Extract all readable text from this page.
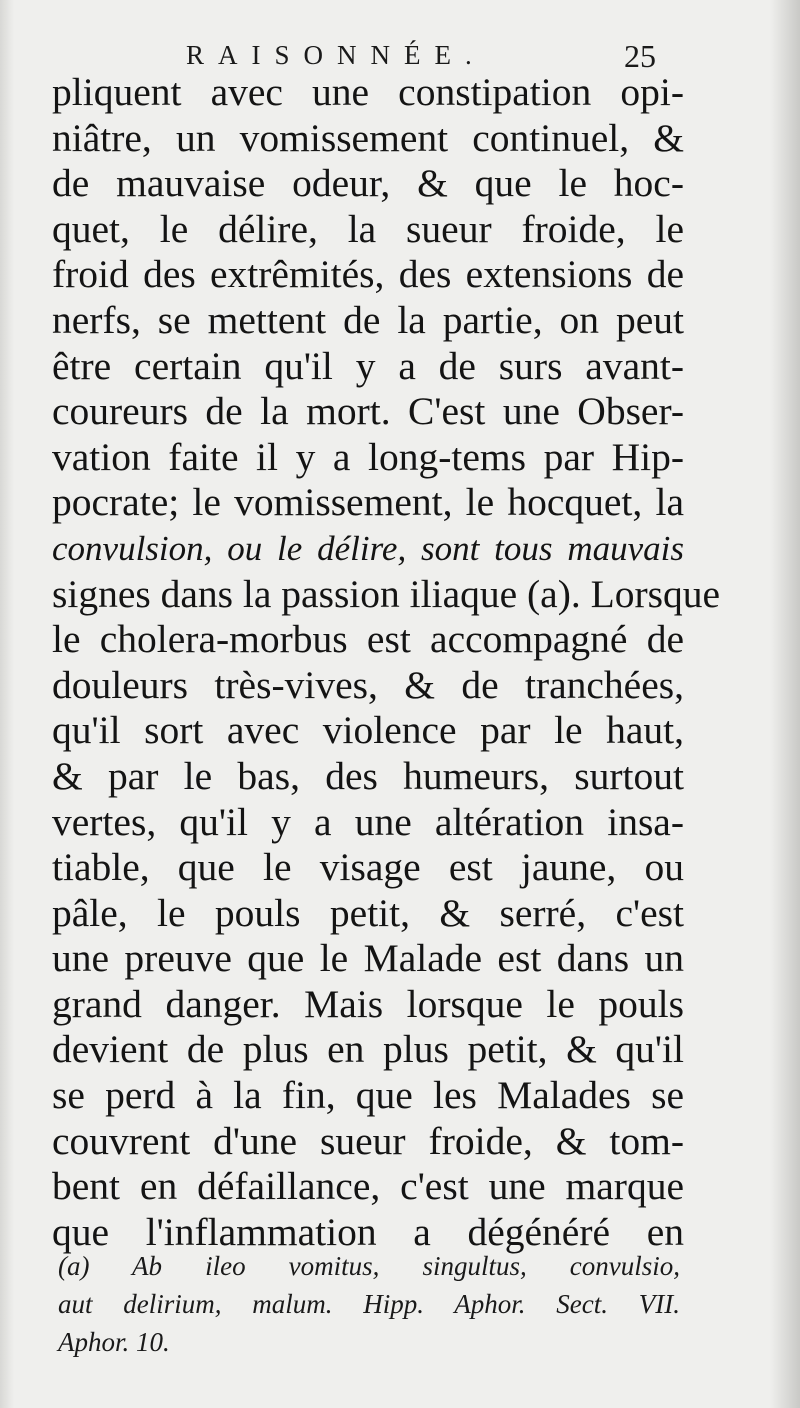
RAISONNÉE.	25
pliquent avec une constipation opi-
niâtre, un vomissement continuel, &
de mauvaise odeur, & que le hoc-
quet, le délire, la sueur froide, le
froid des extrêmités, des extensions de
nerfs, se mettent de la partie, on peut
être certain qu'il y a de surs avant-
coureurs de la mort. C'est une Obser-
vation faite il y a long-tems par Hip-
pocrate; le vomissement, le hocquet, la
convulsion, ou le délire, sont tous mauvais
signes dans la passion iliaque (a). Lorsque
le cholera-morbus est accompagné de
douleurs très-vives, & de tranchées,
qu'il sort avec violence par le haut,
& par le bas, des humeurs, surtout
vertes, qu'il y a une altération insa-
tiable, que le visage est jaune, ou
pâle, le pouls petit, & serré, c'est
une preuve que le Malade est dans un
grand danger. Mais lorsque le pouls
devient de plus en plus petit, & qu'il
se perd à la fin, que les Malades se
couvrent d'une sueur froide, & tom-
bent en défaillance, c'est une marque
que l'inflammation a dégénéré en
(a) Ab ileo vomitus, singultus, convulsio,
aut delirium, malum. Hipp. Aphor. Sect. VII.
Aphor. 10.
